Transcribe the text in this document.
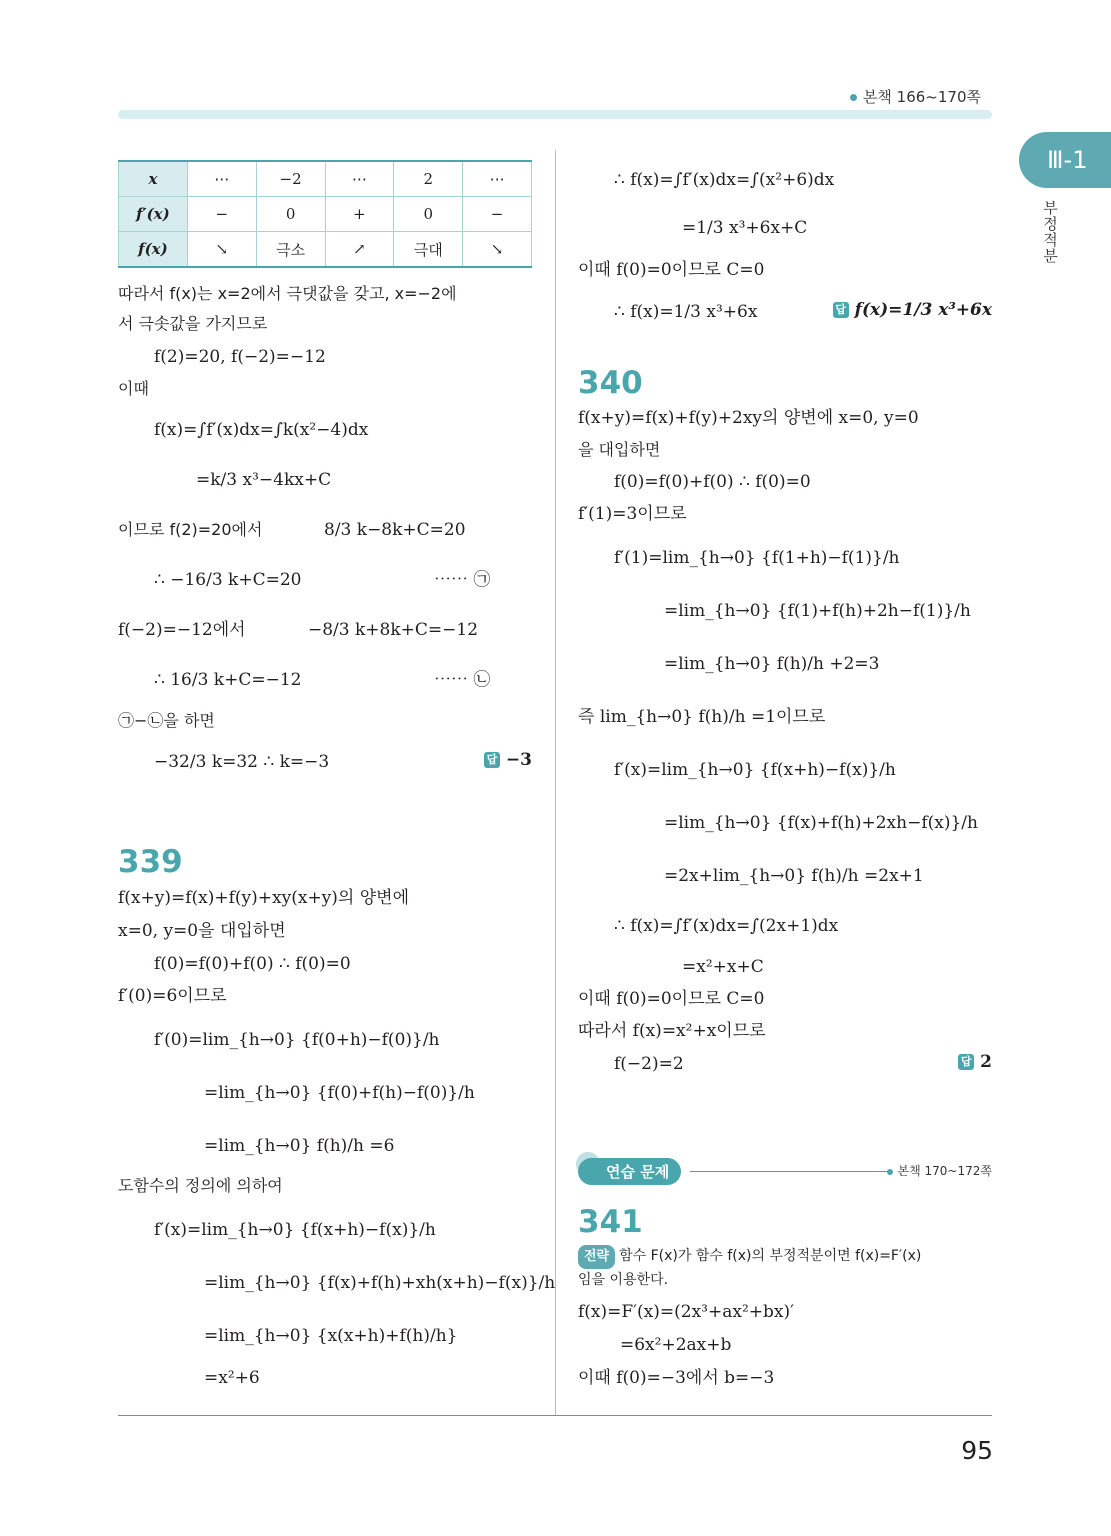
본책 166~170쪽
Ⅲ-1
부정적분
x	⋯	−2	⋯	2	⋯
f′(x)	−	0	+	0	−
f(x)	↘	극소	↗	극대	↘
따라서 f(x)는 x=2에서 극댓값을 갖고, x=−2에
서 극솟값을 가지므로
f(2)=20, f(−2)=−12
이때
f(x)=∫f′(x)dx=∫k(x²−4)dx
=k/3 x³−4kx+C
이므로 f(2)=20에서	8/3 k−8k+C=20
∴ −16/3 k+C=20	⋯⋯ ㉠
f(−2)=−12에서	−8/3 k+8k+C=−12
∴ 16/3 k+C=−12	⋯⋯ ㉡
㉠−㉡을 하면
−32/3 k=32 ∴ k=−3	답 −3
339
f(x+y)=f(x)+f(y)+xy(x+y)의 양변에
x=0, y=0을 대입하면
f(0)=f(0)+f(0) ∴ f(0)=0
f′(0)=6이므로
f′(0)=lim_{h→0} {f(0+h)−f(0)}/h
=lim_{h→0} {f(0)+f(h)−f(0)}/h
=lim_{h→0} f(h)/h =6
도함수의 정의에 의하여
f′(x)=lim_{h→0} {f(x+h)−f(x)}/h
=lim_{h→0} {f(x)+f(h)+xh(x+h)−f(x)}/h
=lim_{h→0} {x(x+h)+f(h)/h}
=x²+6
∴ f(x)=∫f′(x)dx=∫(x²+6)dx
=1/3 x³+6x+C
이때 f(0)=0이므로 C=0
∴ f(x)=1/3 x³+6x	답 f(x)=1/3 x³+6x
340
f(x+y)=f(x)+f(y)+2xy의 양변에 x=0, y=0
을 대입하면
f(0)=f(0)+f(0) ∴ f(0)=0
f′(1)=3이므로
f′(1)=lim_{h→0} {f(1+h)−f(1)}/h
=lim_{h→0} {f(1)+f(h)+2h−f(1)}/h
=lim_{h→0} f(h)/h +2=3
즉 lim_{h→0} f(h)/h =1이므로
f′(x)=lim_{h→0} {f(x+h)−f(x)}/h
=lim_{h→0} {f(x)+f(h)+2xh−f(x)}/h
=2x+lim_{h→0} f(h)/h =2x+1
∴ f(x)=∫f′(x)dx=∫(2x+1)dx
=x²+x+C
이때 f(0)=0이므로 C=0
따라서 f(x)=x²+x이므로
f(−2)=2	답 2
연습 문제	본책 170~172쪽
341
전략 함수 F(x)가 함수 f(x)의 부정적분이면 f(x)=F′(x)
임을 이용한다.
f(x)=F′(x)=(2x³+ax²+bx)′
=6x²+2ax+b
이때 f(0)=−3에서 b=−3
95
